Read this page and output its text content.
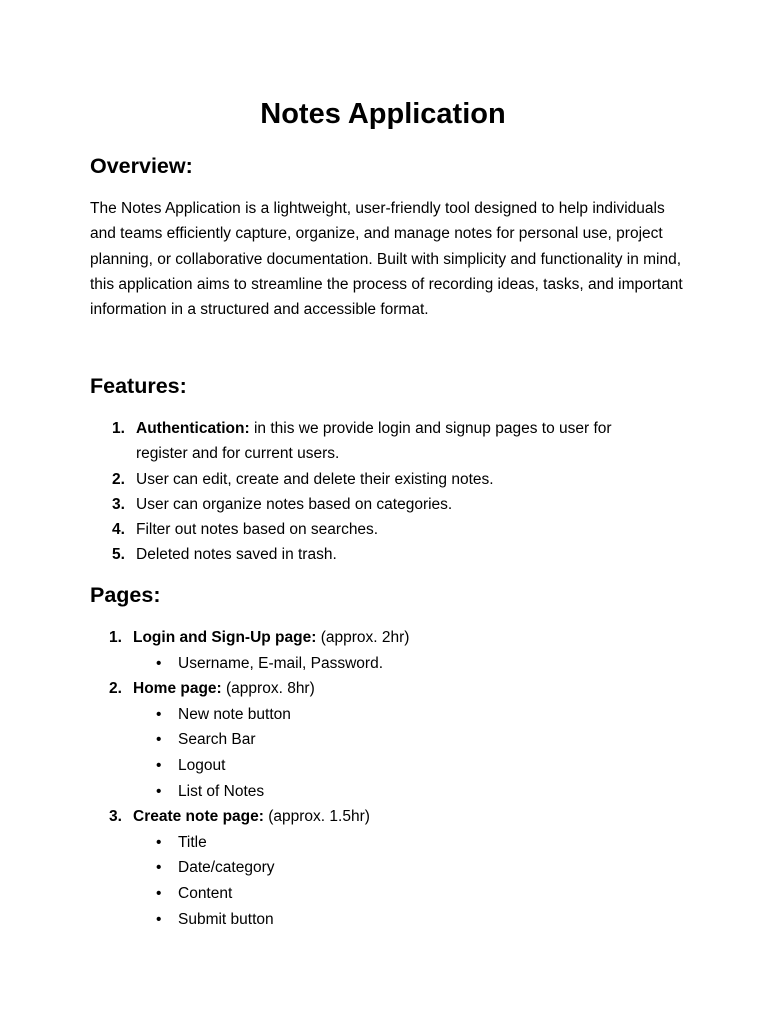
Notes Application
Overview:

The Notes Application is a lightweight, user-friendly tool designed to help individuals and teams efficiently capture, organize, and manage notes for personal use, project planning, or collaborative documentation. Built with simplicity and functionality in mind, this application aims to streamline the process of recording ideas, tasks, and important information in a structured and accessible format.

Features:
1. Authentication: in this we provide login and signup pages to user for register and for current users.
2. User can edit, create and delete their existing notes.
3. User can organize notes based on categories.
4. Filter out notes based on searches.
5. Deleted notes saved in trash.
Pages:
1. Login and Sign-Up page: (approx. 2hr)
• Username, E-mail, Password.
2. Home page: (approx. 8hr)
• New note button
• Search Bar
• Logout
• List of Notes
3. Create note page: (approx. 1.5hr)
• Title
• Date/category
• Content
• Submit button
